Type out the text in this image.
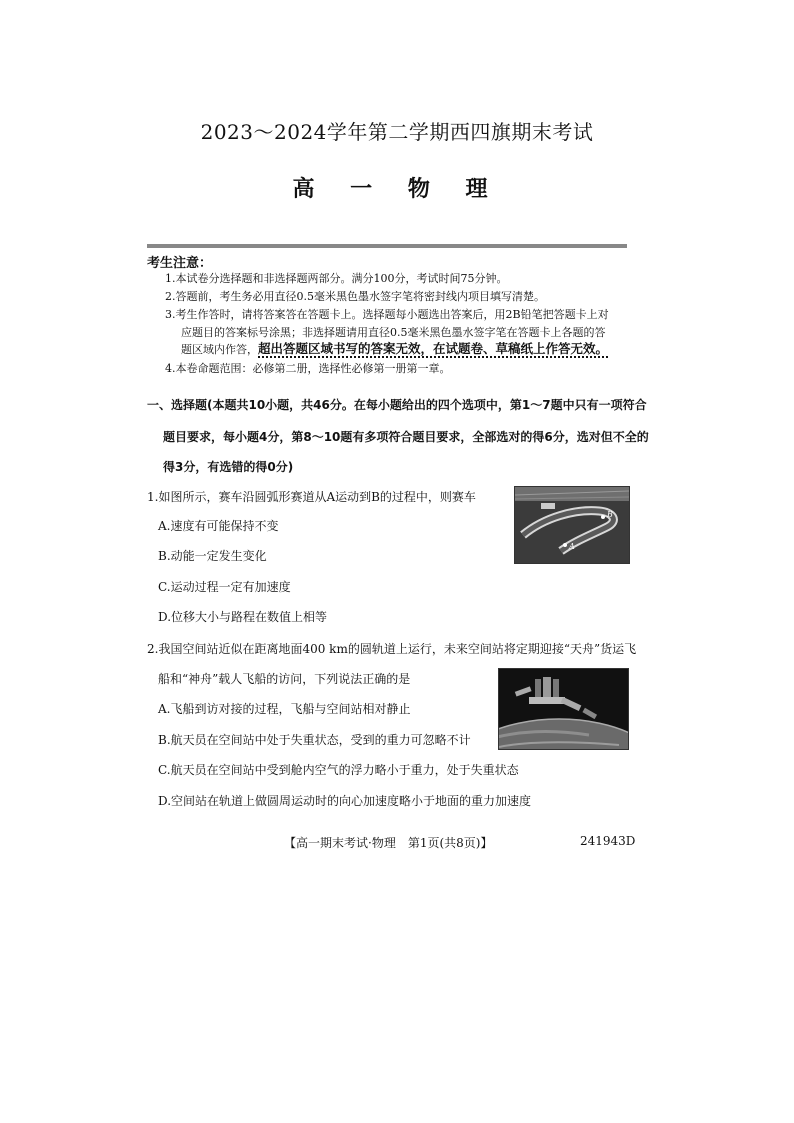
2023～2024学年第二学期西四旗期末考试
高 一 物 理
考生注意：
1.本试卷分选择题和非选择题两部分。满分100分，考试时间75分钟。
2.答题前，考生务必用直径0.5毫米黑色墨水签字笔将密封线内项目填写清楚。
3.考生作答时，请将答案答在答题卡上。选择题每小题选出答案后，用2B铅笔把答题卡上对
应题目的答案标号涂黑；非选择题请用直径0.5毫米黑色墨水签字笔在答题卡上各题的答
题区域内作答，超出答题区域书写的答案无效，在试题卷、草稿纸上作答无效。
4.本卷命题范围：必修第二册，选择性必修第一册第一章。
一、选择题(本题共10小题，共46分。在每小题给出的四个选项中，第1～7题中只有一项符合
题目要求，每小题4分，第8～10题有多项符合题目要求，全部选对的得6分，选对但不全的
得3分，有选错的得0分)
1.如图所示，赛车沿圆弧形赛道从A运动到B的过程中，则赛车
A.速度有可能保持不变
B.动能一定发生变化
C.运动过程一定有加速度
D.位移大小与路程在数值上相等
A
B
2.我国空间站近似在距离地面400 km的圆轨道上运行，未来空间站将定期迎接“天舟”货运飞
船和“神舟”载人飞船的访问，下列说法正确的是
A.飞船到访对接的过程，飞船与空间站相对静止
B.航天员在空间站中处于失重状态，受到的重力可忽略不计
C.航天员在空间站中受到舱内空气的浮力略小于重力，处于失重状态
D.空间站在轨道上做圆周运动时的向心加速度略小于地面的重力加速度
【高一期末考试·物理　第1页(共8页)】	241943D
